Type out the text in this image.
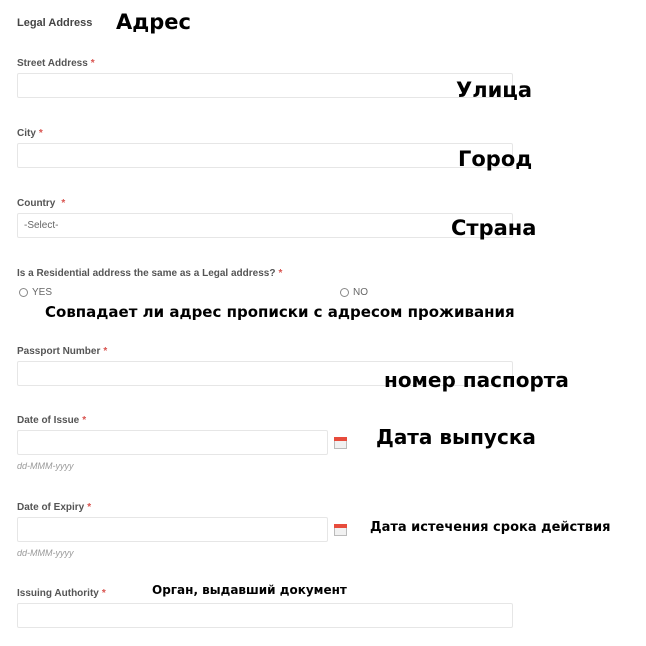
Legal Address Адрес
Street Address *
Улица
City *
Город
Country *
-Select-	Страна
Is a Residential address the same as a Legal address? *
YES	NO
Совпадает ли адрес прописки с адресом проживания
Passport Number *
номер паспорта
Date of Issue *
dd-MMM-yyyy
Дата выпуска
Date of Expiry *
dd-MMM-yyyy
Дата истечения срока действия
Issuing Authority *	Орган, выдавший документ
